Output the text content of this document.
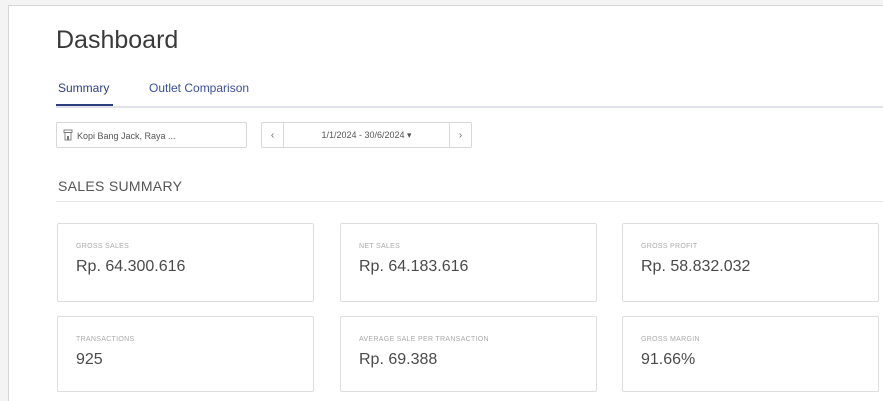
Dashboard
Summary	Outlet Comparison
Kopi Bang Jack, Raya ...	‹	1/1/2024 - 30/6/2024 ▾	›
SALES SUMMARY
GROSS SALES
Rp. 64.300.616
NET SALES
Rp. 64.183.616
GROSS PROFIT
Rp. 58.832.032
TRANSACTIONS
925
AVERAGE SALE PER TRANSACTION
Rp. 69.388
GROSS MARGIN
91.66%
